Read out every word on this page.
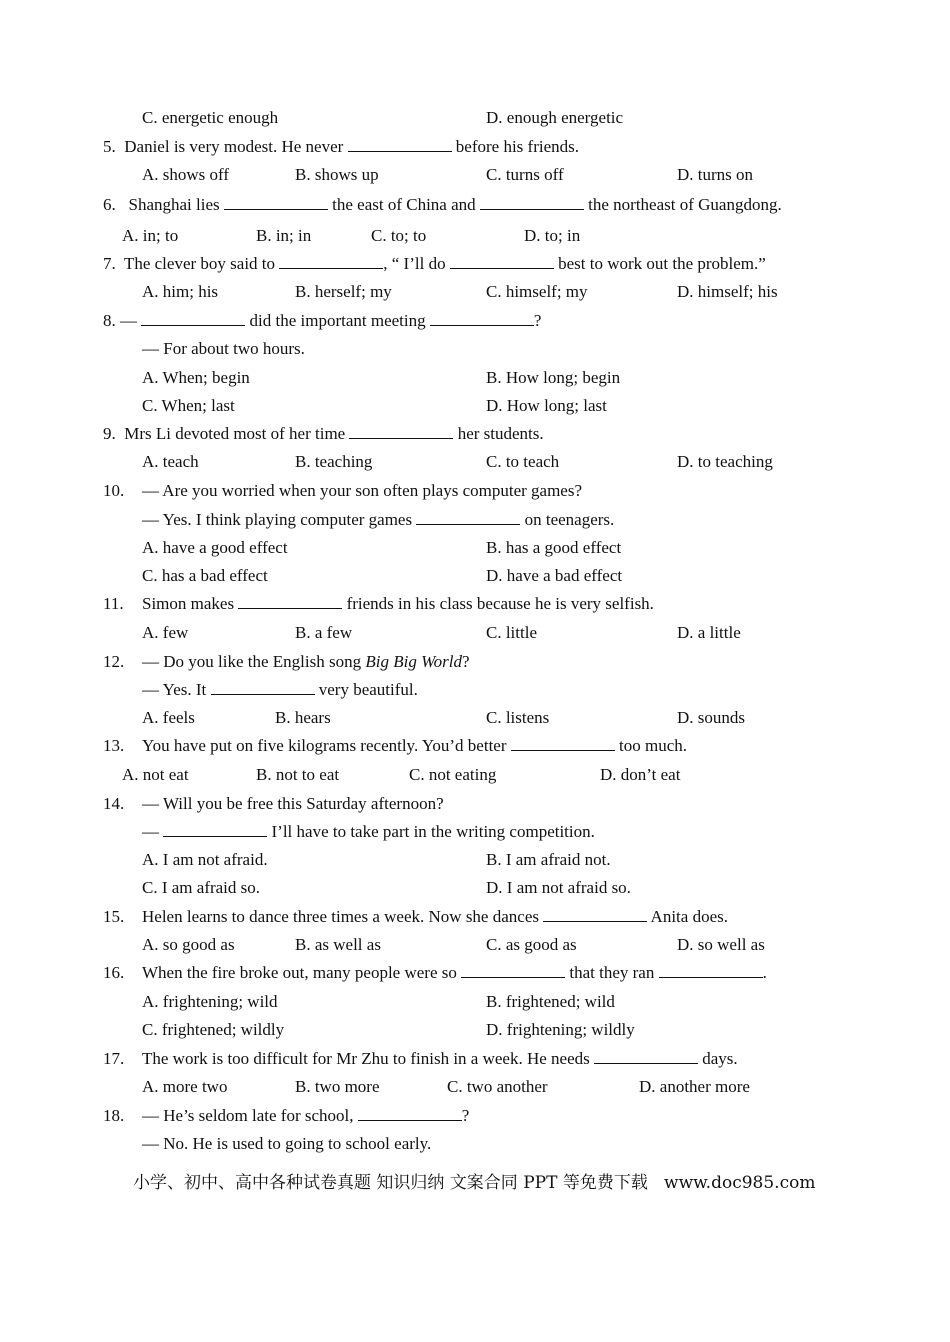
C. energetic enough	D. enough energetic
5. Daniel is very modest. He never	before his friends.
A. shows off	B. shows up	C. turns off	D. turns on
6. Shanghai lies	the east of China and	the northeast of Guangdong.
A. in; to	B. in; in	C. to; to	D. to; in
7. The clever boy said to	, “ I’ll do	best to work out the problem.”
A. him; his	B. herself; my	C. himself; my	D. himself; his
8. —	did the important meeting	?
— For about two hours.
A. When; begin	B. How long; begin
C. When; last	D. How long; last
9. Mrs Li devoted most of her time	her students.
A. teach	B. teaching	C. to teach	D. to teaching
10. — Are you worried when your son often plays computer games?
— Yes. I think playing computer games	on teenagers.
A. have a good effect	B. has a good effect
C. has a bad effect	D. have a bad effect
11. Simon makes	friends in his class because he is very selfish.
A. few	B. a few	C. little	D. a little
12. — Do you like the English song Big Big World?
— Yes. It	very beautiful.
A. feels	B. hears	C. listens	D. sounds
13. You have put on five kilograms recently. You’d better	too much.
A. not eat	B. not to eat	C. not eating	D. don’t eat
14. — Will you be free this Saturday afternoon?
—	I’ll have to take part in the writing competition.
A. I am not afraid.	B. I am afraid not.
C. I am afraid so.	D. I am not afraid so.
15. Helen learns to dance three times a week. Now she dances	Anita does.
A. so good as	B. as well as	C. as good as	D. so well as
16. When the fire broke out, many people were so	that they ran	.
A. frightening; wild	B. frightened; wild
C. frightened; wildly	D. frightening; wildly
17. The work is too difficult for Mr Zhu to finish in a week. He needs	days.
A. more two	B. two more	C. two another	D. another more
18. — He’s seldom late for school,	?
— No. He is used to going to school early.
小学、初中、高中各种试卷真题 知识归纳 文案合同 PPT 等免费下载   www.doc985.com
